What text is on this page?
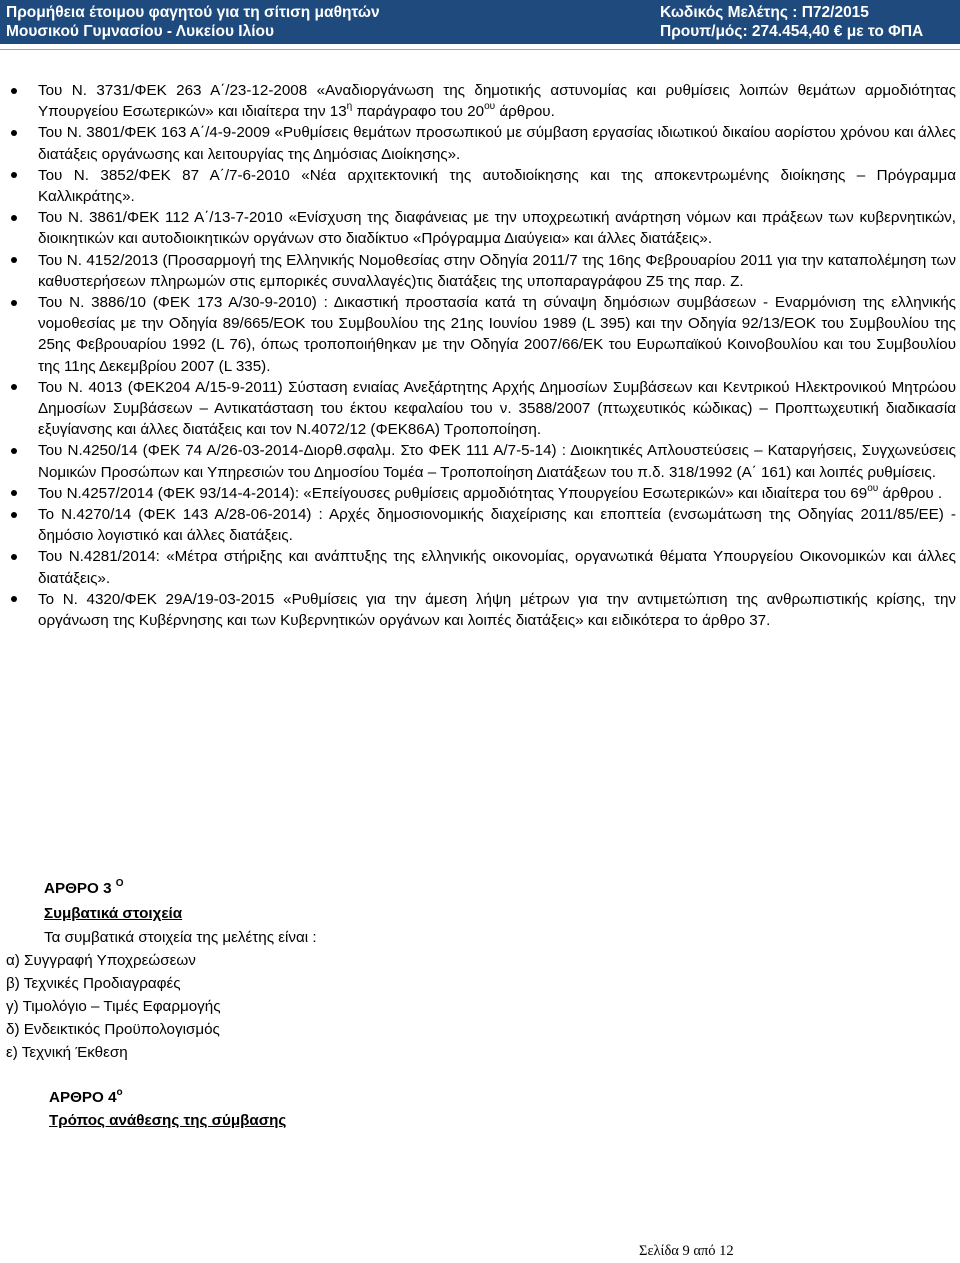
Προμήθεια έτοιμου φαγητού για τη σίτιση μαθητών
Μουσικού Γυμνασίου - Λυκείου Ιλίου
Κωδικός Μελέτης : Π72/2015
Προυπ/μός: 274.454,40 € με το ΦΠΑ
Του Ν. 3731/ΦΕΚ 263 Α΄/23-12-2008 «Αναδιοργάνωση της δημοτικής αστυνομίας και ρυθμίσεις λοιπών θεμάτων αρμοδιότητας Υπουργείου Εσωτερικών» και ιδιαίτερα την $13^\eta$ παράγραφο του $20^{o\upsilon}$ άρθρου.
Του Ν. 3801/ΦΕΚ 163 Α΄/4-9-2009 «Ρυθμίσεις θεμάτων προσωπικού με σύμβαση εργασίας ιδιωτικού δικαίου αορίστου χρόνου και άλλες διατάξεις οργάνωσης και λειτουργίας της Δημόσιας Διοίκησης».
Του Ν. 3852/ΦΕΚ 87 Α΄/7-6-2010 «Νέα αρχιτεκτονική της αυτοδιοίκησης και της αποκεντρωμένης διοίκησης – Πρόγραμμα Καλλικράτης».
Του Ν. 3861/ΦΕΚ 112 Α΄/13-7-2010 «Ενίσχυση της διαφάνειας με την υποχρεωτική ανάρτηση νόμων και πράξεων των κυβερνητικών, διοικητικών και αυτοδιοικητικών οργάνων στο διαδίκτυο «Πρόγραμμα Διαύγεια» και άλλες διατάξεις».
Του Ν. 4152/2013 (Προσαρμογή της Ελληνικής Νομοθεσίας στην Οδηγία 2011/7 της 16ης Φεβρουαρίου 2011 για την καταπολέμηση των καθυστερήσεων πληρωμών στις εμπορικές συναλλαγές)τις διατάξεις της υποπαραγράφου Ζ5 της παρ. Ζ.
Του Ν. 3886/10 (ΦΕΚ 173 Α/30-9-2010) : Δικαστική προστασία κατά τη σύναψη δημόσιων συμβάσεων - Εναρμόνιση της ελληνικής νομοθεσίας με την Οδηγία 89/665/ΕΟΚ του Συμβουλίου της 21ης Ιουνίου 1989 (L 395) και την Οδηγία 92/13/ΕΟΚ του Συμβουλίου της 25ης Φεβρουαρίου 1992 (L 76), όπως τροποποιήθηκαν με την Οδηγία 2007/66/ΕΚ του Ευρωπαϊκού Κοινοβουλίου και του Συμβουλίου της 11ης Δεκεμβρίου 2007 (L 335).
Του Ν. 4013 (ΦΕΚ204 Α/15-9-2011) Σύσταση ενιαίας Ανεξάρτητης Αρχής Δημοσίων Συμβάσεων και Κεντρικού Ηλεκτρονικού Μητρώου Δημοσίων Συμβάσεων – Αντικατάσταση του έκτου κεφαλαίου του ν. 3588/2007 (πτωχευτικός κώδικας) – Προπτωχευτική διαδικασία εξυγίανσης και άλλες διατάξεις και τον Ν.4072/12 (ΦΕΚ86Α) Τροποποίηση.
Του Ν.4250/14 (ΦΕΚ 74 Α/26-03-2014-Διορθ.σφαλμ. Στο ΦΕΚ 111 Α/7-5-14) : Διοικητικές Απλουστεύσεις – Καταργήσεις, Συγχωνεύσεις Νομικών Προσώπων και Υπηρεσιών του Δημοσίου Τομέα – Τροποποίηση Διατάξεων του π.δ. 318/1992 (Α΄ 161) και λοιπές ρυθμίσεις.
Του Ν.4257/2014 (ΦΕΚ 93/14-4-2014): «Επείγουσες ρυθμίσεις αρμοδιότητας Υπουργείου Εσωτερικών» και ιδιαίτερα του $69^{o\upsilon}$ άρθρου .
Το Ν.4270/14 (ΦΕΚ 143 Α/28-06-2014) : Αρχές δημοσιονομικής διαχείρισης και εποπτεία (ενσωμάτωση της Οδηγίας 2011/85/ΕΕ) - δημόσιο λογιστικό και άλλες διατάξεις.
Του Ν.4281/2014: «Μέτρα στήριξης και ανάπτυξης της ελληνικής οικονομίας, οργανωτικά θέματα Υπουργείου Οικονομικών και άλλες διατάξεις».
Το Ν. 4320/ΦΕΚ 29Α/19-03-2015 «Ρυθμίσεις για την άμεση λήψη μέτρων για την αντιμετώπιση της ανθρωπιστικής κρίσης, την οργάνωση της Κυβέρνησης και των Κυβερνητικών οργάνων και λοιπές διατάξεις» και ειδικότερα το άρθρο 37.
ΑΡΘΡΟ 3 $^O$
Συμβατικά στοιχεία
Τα συμβατικά στοιχεία της μελέτης είναι :
α) Συγγραφή Υποχρεώσεων
β) Τεχνικές Προδιαγραφές
γ) Τιμολόγιο – Τιμές Εφαρμογής
δ) Ενδεικτικός Προϋπολογισμός
ε) Τεχνική Έκθεση
ΑΡΘΡΟ $4^o$
Τρόπος ανάθεσης της σύμβασης
Σελίδα 9 από 12
